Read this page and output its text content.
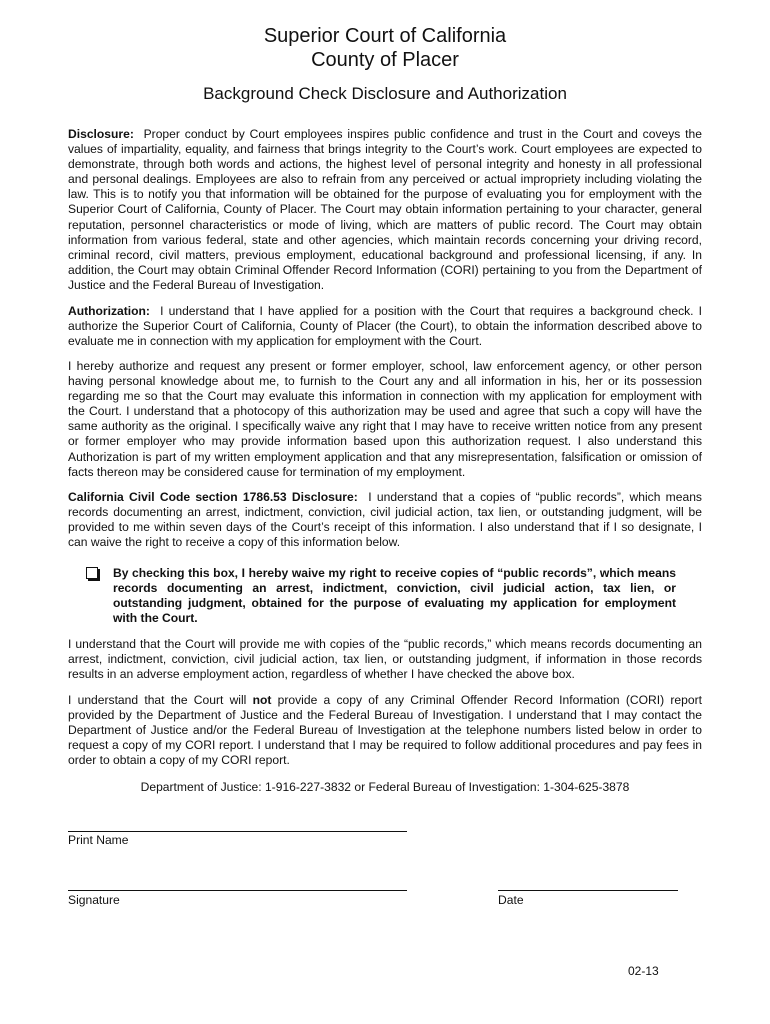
Superior Court of California
County of Placer
Background Check Disclosure and Authorization

Disclosure: Proper conduct by Court employees inspires public confidence and trust in the Court and coveys the values of impartiality, equality, and fairness that brings integrity to the Court’s work. Court employees are expected to demonstrate, through both words and actions, the highest level of personal integrity and honesty in all professional and personal dealings. Employees are also to refrain from any perceived or actual impropriety including violating the law. This is to notify you that information will be obtained for the purpose of evaluating you for employment with the Superior Court of California, County of Placer. The Court may obtain information pertaining to your character, general reputation, personnel characteristics or mode of living, which are matters of public record. The Court may obtain information from various federal, state and other agencies, which maintain records concerning your driving record, criminal record, civil matters, previous employment, educational background and professional licensing, if any. In addition, the Court may obtain Criminal Offender Record Information (CORI) pertaining to you from the Department of Justice and the Federal Bureau of Investigation.

Authorization: I understand that I have applied for a position with the Court that requires a background check. I authorize the Superior Court of California, County of Placer (the Court), to obtain the information described above to evaluate me in connection with my application for employment with the Court.

I hereby authorize and request any present or former employer, school, law enforcement agency, or other person having personal knowledge about me, to furnish to the Court any and all information in his, her or its possession regarding me so that the Court may evaluate this information in connection with my application for employment with the Court. I understand that a photocopy of this authorization may be used and agree that such a copy will have the same authority as the original. I specifically waive any right that I may have to receive written notice from any present or former employer who may provide information based upon this authorization request. I also understand this Authorization is part of my written employment application and that any misrepresentation, falsification or omission of facts thereon may be considered cause for termination of my employment.

California Civil Code section 1786.53 Disclosure: I understand that a copies of “public records”, which means records documenting an arrest, indictment, conviction, civil judicial action, tax lien, or outstanding judgment, will be provided to me within seven days of the Court’s receipt of this information. I also understand that if I so designate, I can waive the right to receive a copy of this information below.

By checking this box, I hereby waive my right to receive copies of “public records”, which means records documenting an arrest, indictment, conviction, civil judicial action, tax lien, or outstanding judgment, obtained for the purpose of evaluating my application for employment with the Court.

I understand that the Court will provide me with copies of the “public records,” which means records documenting an arrest, indictment, conviction, civil judicial action, tax lien, or outstanding judgment, if information in those records results in an adverse employment action, regardless of whether I have checked the above box.

I understand that the Court will not provide a copy of any Criminal Offender Record Information (CORI) report provided by the Department of Justice and the Federal Bureau of Investigation. I understand that I may contact the Department of Justice and/or the Federal Bureau of Investigation at the telephone numbers listed below in order to request a copy of my CORI report. I understand that I may be required to follow additional procedures and pay fees in order to obtain a copy of my CORI report.

Department of Justice: 1-916-227-3832 or Federal Bureau of Investigation: 1-304-625-3878
Print Name
Signature	Date
02-13
